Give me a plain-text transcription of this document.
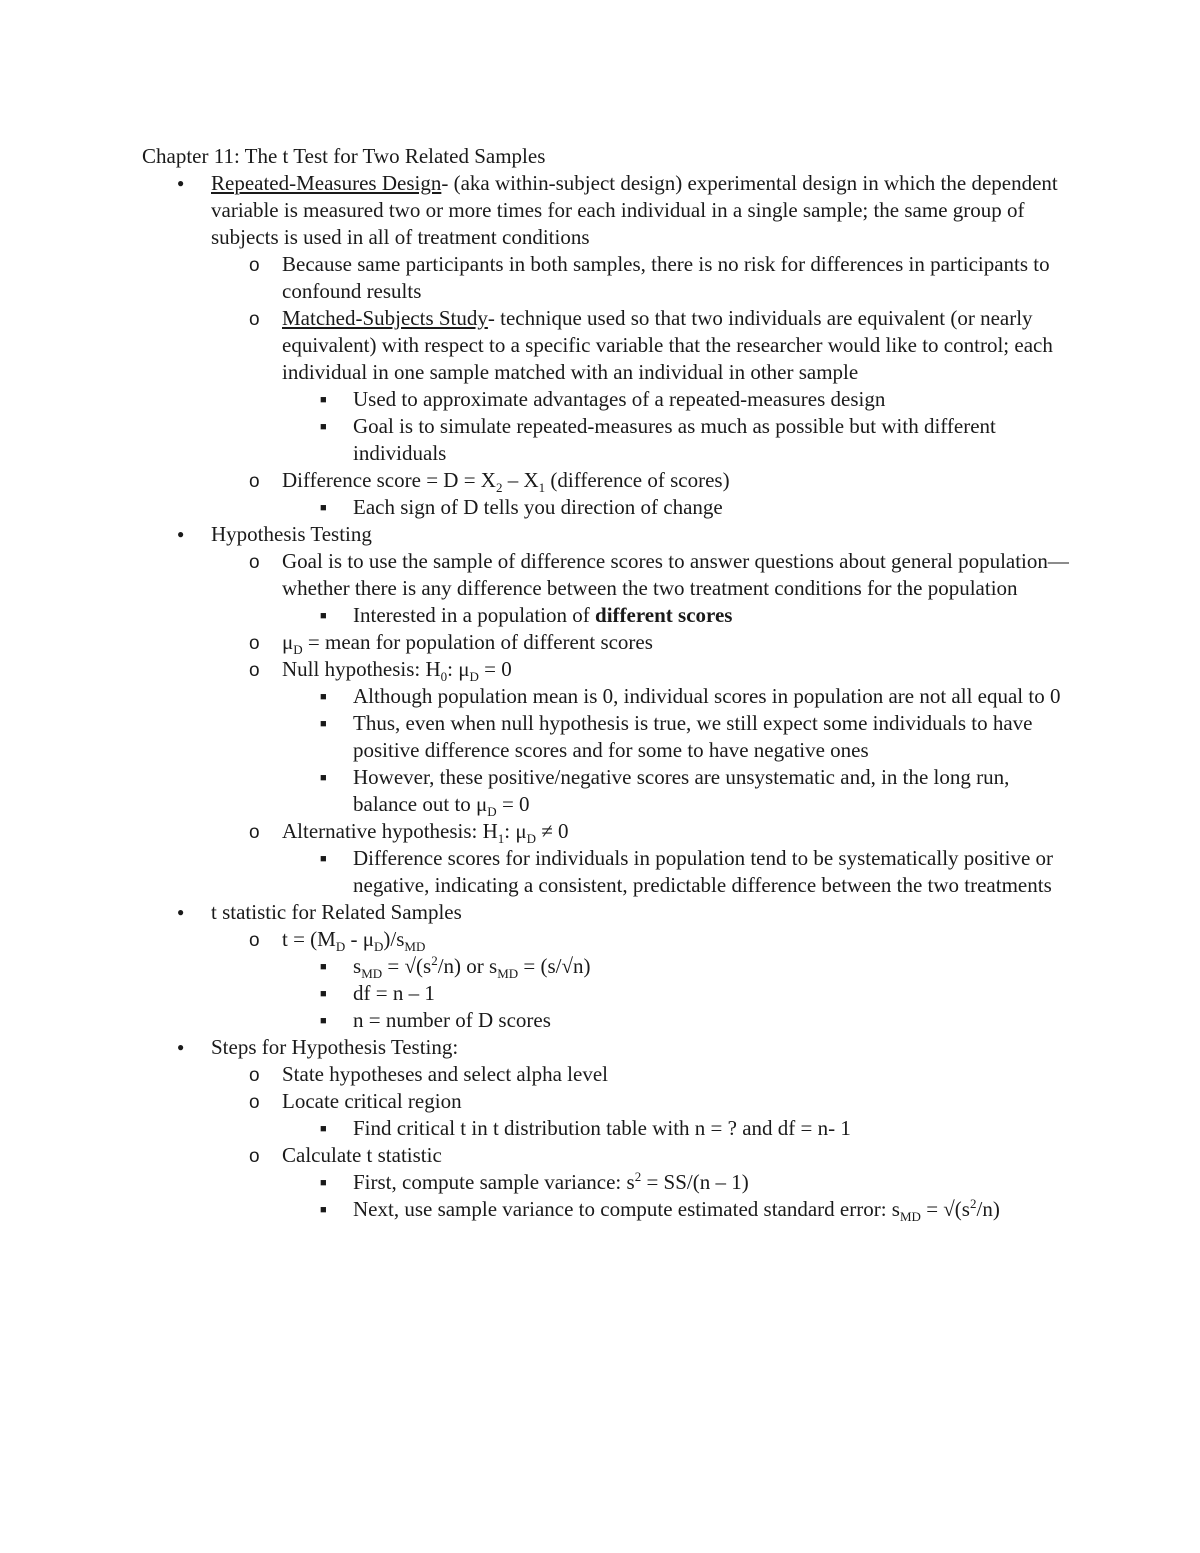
Chapter 11: The t Test for Two Related Samples
●
Repeated-Measures Design- (aka within-subject design) experimental design in which the dependent variable is measured two or more times for each individual in a single sample; the same group of subjects is used in all of treatment conditions
o
Because same participants in both samples, there is no risk for differences in participants to confound results
o
Matched-Subjects Study- technique used so that two individuals are equivalent (or nearly equivalent) with respect to a specific variable that the researcher would like to control; each individual in one sample matched with an individual in other sample
■
Used to approximate advantages of a repeated-measures design
■
Goal is to simulate repeated-measures as much as possible but with different individuals
o
Difference score = $D = X_2 - X_1$ (difference of scores)
■
Each sign of D tells you direction of change
●
Hypothesis Testing
o
Goal is to use the sample of difference scores to answer questions about general population—whether there is any difference between the two treatment conditions for the population
■
Interested in a population of different scores
o
$\mu_D$ = mean for population of different scores
o
Null hypothesis: $H_0$: $\mu_D = 0$
■
Although population mean is 0, individual scores in population are not all equal to 0
■
Thus, even when null hypothesis is true, we still expect some individuals to have positive difference scores and for some to have negative ones
■
However, these positive/negative scores are unsystematic and, in the long run, balance out to $\mu_D = 0$
o
Alternative hypothesis: $H_1$: $\mu_D \ne 0$
■
Difference scores for individuals in population tend to be systematically positive or negative, indicating a consistent, predictable difference between the two treatments
●
t statistic for Related Samples
o
$t = (M_D - \mu_D)/s_{MD}$
■
$s_{MD} = √(s^2/n)$ or $s_{MD} = (s/√n)$
■
df = n – 1
■
n = number of D scores
●
Steps for Hypothesis Testing:
o
State hypotheses and select alpha level
o
Locate critical region
■
Find critical t in t distribution table with n = ? and df = n- 1
o
Calculate t statistic
■
First, compute sample variance: $s^2 = SS/(n - 1)$
■
Next, use sample variance to compute estimated standard error: $s_{MD} = √(s^2/n)$
